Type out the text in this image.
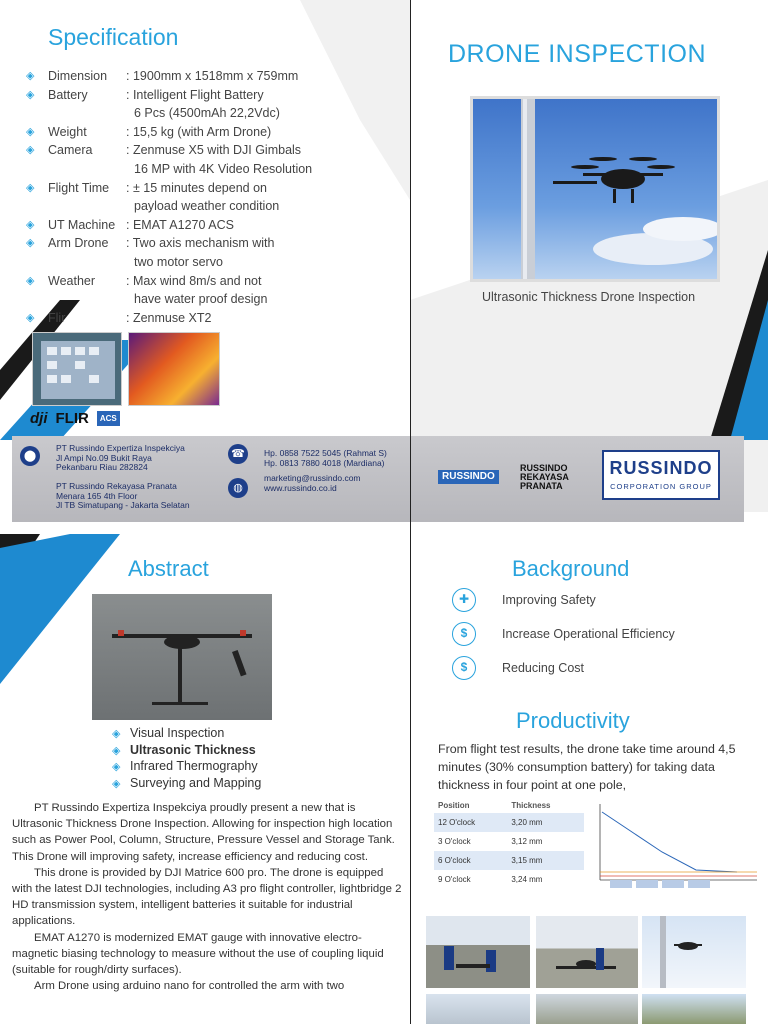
Specification
◈	Dimension	: 1900mm x 1518mm x 759mm
◈	Battery	: Intelligent Flight Battery
6 Pcs (4500mAh 22,2Vdc)
◈	Weight	: 15,5 kg (with Arm Drone)
◈	Camera	: Zenmuse X5 with DJI Gimbals
16 MP with 4K Video Resolution
◈	Flight Time	: ± 15 minutes depend on
payload weather condition
◈	UT Machine : EMAT A1270 ACS
◈	Arm Drone	: Two axis mechanism with
two motor servo
◈	Weather	: Max wind 8m/s and not
have water proof design
◈	Flir	: Zenmuse XT2
dji FLIR	ACS
DRONE INSPECTION
Ultrasonic Thickness Drone Inspection
⬤
PT Russindo Expertiza Inspekciya
Jl Ampi No.09 Bukit Raya
Pekanbaru Riau 282824
PT Russindo Rekayasa Pranata
Menara 165 4th Floor
Jl TB Simatupang - Jakarta Selatan
☎	Hp. 0858 7522 5045 (Rahmat S)
Hp. 0813 7880 4018 (Mardiana)
◍
marketing@russindo.com
www.russindo.co.id
RUSSINDO
RUSSINDO
REKAYASA
PRANATA
RUSSINDO
CORPORATION GROUP
Abstract
◈ Visual Inspection
◈ Ultrasonic Thickness
◈ Infrared Thermography
◈ Surveying and Mapping

PT Russindo Expertiza Inspekciya proudly present a new that is Ultrasonic Thickness Drone Inspection. Allowing for inspection high location such as Power Pool, Column, Structure, Pressure Vessel and Storage Tank. This Drone will improving safety, increase efficiency and reducing cost.

This drone is provided by DJI Matrice 600 pro. The drone is equipped with the latest DJI technologies, including A3 pro flight controller, lightbridge 2 HD transmission system, intelligent batteries it suitable for industrial applications.

EMAT A1270 is modernized EMAT gauge with innovative electro-magnetic biasing technology to measure without the use of coupling liquid (suitable for rough/dirty surfaces).

Arm Drone using arduino nano for controlled the arm with two

Background
✚	Improving Safety
$	Increase Operational Efficiency
$	Reducing Cost
Productivity
From flight test results, the drone take time around 4,5 minutes (30% consumption battery) for taking data thickness in four point at one pole,
Position	Thickness
12 O'clock	3,20 mm
3 O'clock	3,12 mm
6 O'clock	3,15 mm
9 O'clock	3,24 mm
